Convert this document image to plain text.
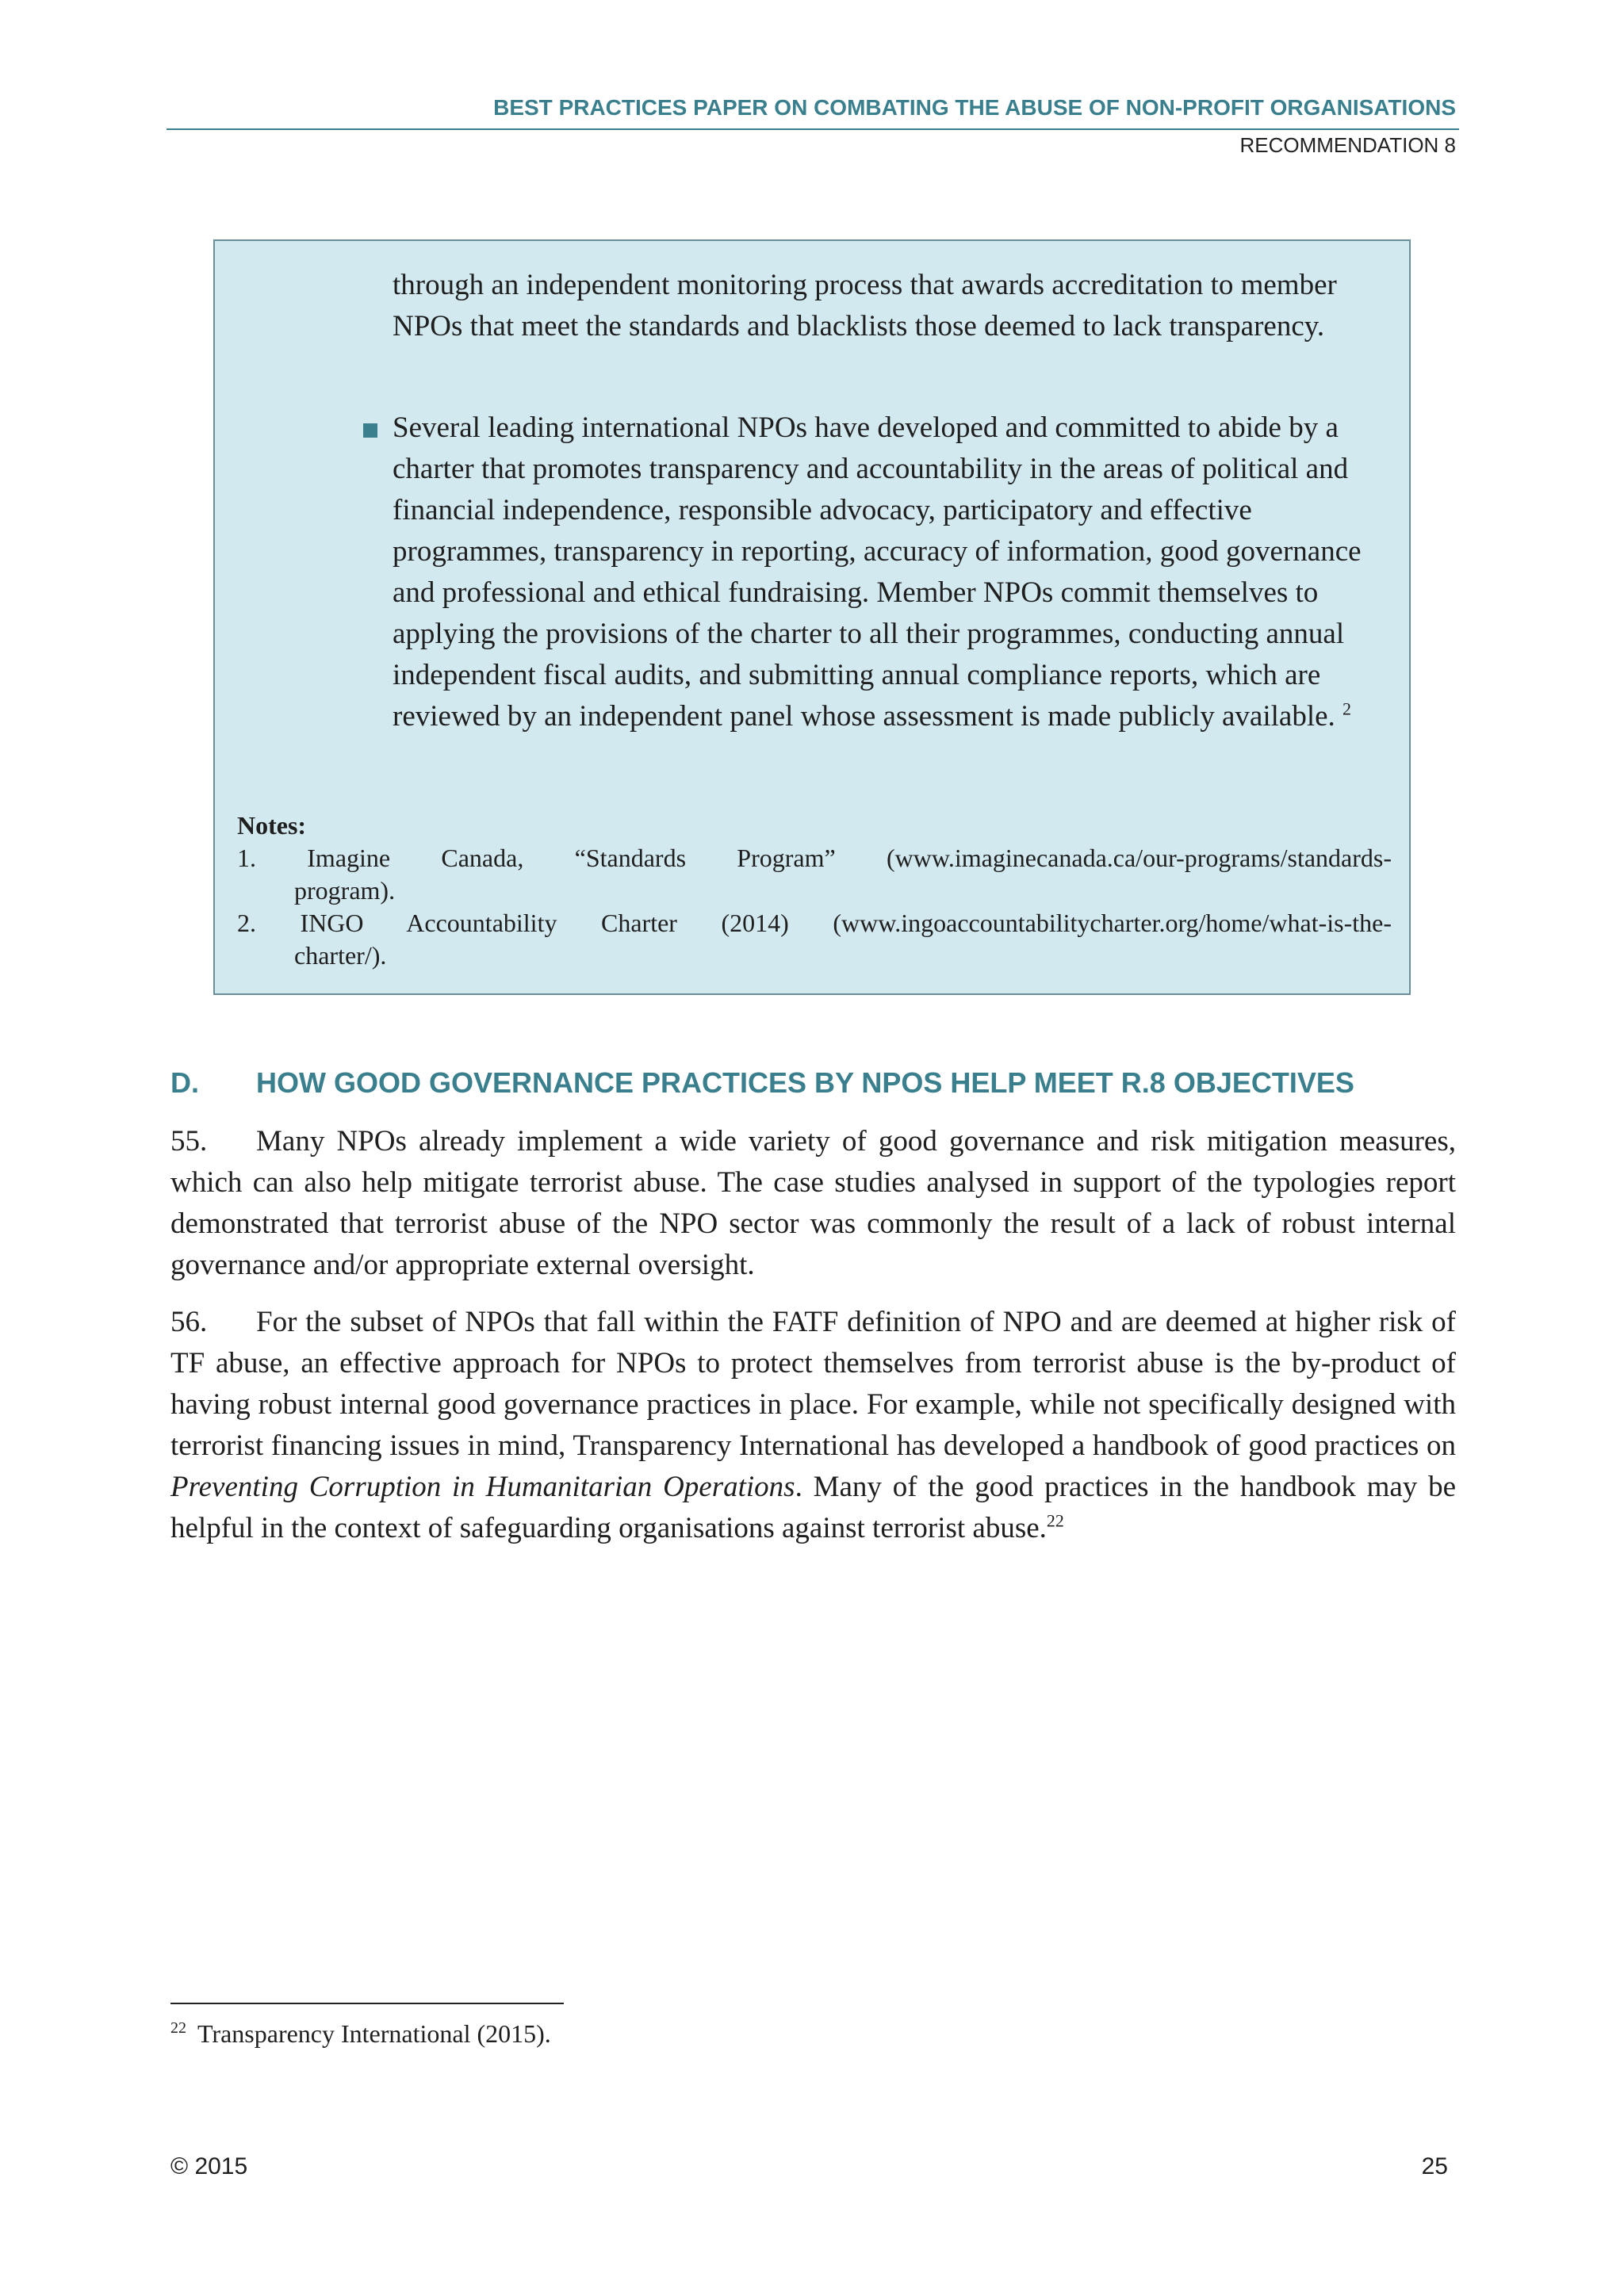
BEST PRACTICES PAPER ON COMBATING THE ABUSE OF NON-PROFIT ORGANISATIONS
RECOMMENDATION 8

through an independent monitoring process that awards accreditation to member NPOs that meet the standards and blacklists those deemed to lack transparency.

Several leading international NPOs have developed and committed to abide by a charter that promotes transparency and accountability in the areas of political and financial independence, responsible advocacy, participatory and effective programmes, transparency in reporting, accuracy of information, good governance and professional and ethical fundraising. Member NPOs commit themselves to applying the provisions of the charter to all their programmes, conducting annual independent fiscal audits, and submitting annual compliance reports, which are reviewed by an independent panel whose assessment is made publicly available. $^2$

Notes:
1. Imagine Canada, “Standards Program” (www.imaginecanada.ca/our-programs/standards-
program).
2. INGO Accountability Charter (2014) (www.ingoaccountabilitycharter.org/home/what-is-the-
charter/).
D. HOW GOOD GOVERNANCE PRACTICES BY NPOS HELP MEET R.8 OBJECTIVES

55. Many NPOs already implement a wide variety of good governance and risk mitigation measures, which can also help mitigate terrorist abuse. The case studies analysed in support of the typologies report demonstrated that terrorist abuse of the NPO sector was commonly the result of a lack of robust internal governance and/or appropriate external oversight.

56. For the subset of NPOs that fall within the FATF definition of NPO and are deemed at higher risk of TF abuse, an effective approach for NPOs to protect themselves from terrorist abuse is the by-product of having robust internal good governance practices in place. For example, while not specifically designed with terrorist financing issues in mind, Transparency International has developed a handbook of good practices on Preventing Corruption in Humanitarian Operations. Many of the good practices in the handbook may be helpful in the context of safeguarding organisations against terrorist abuse.$^{22}$

$^{22}$ Transparency International (2015).
© 2015	25
